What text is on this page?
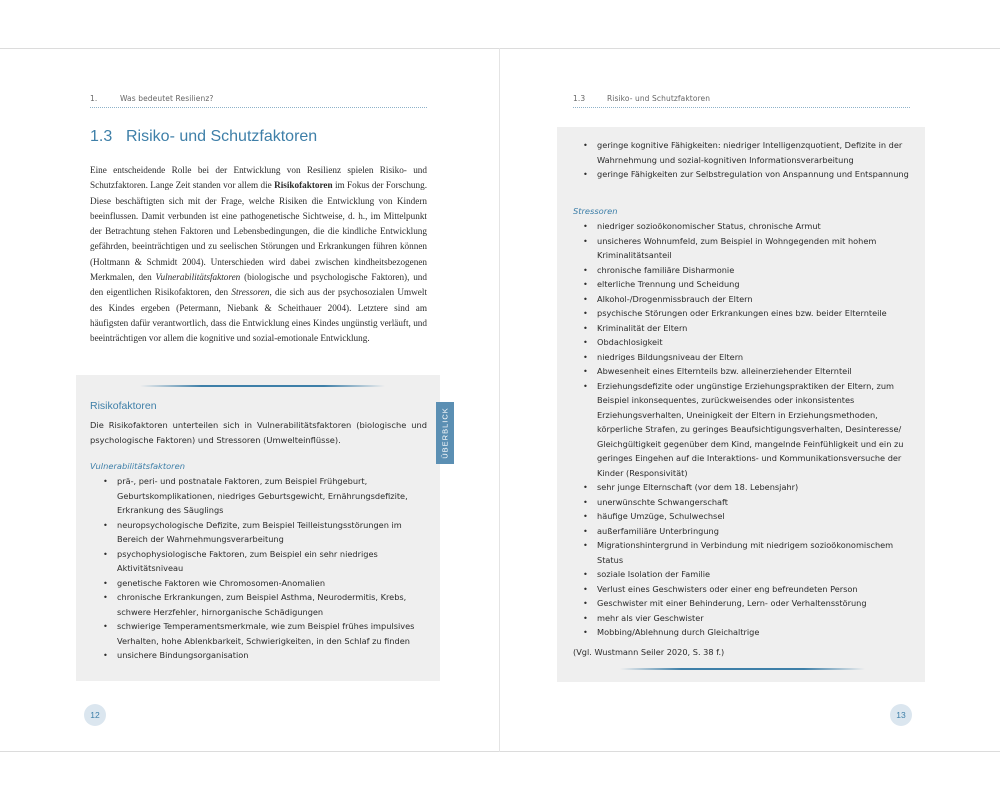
1.	Was bedeutet Resilienz?
1.3 Risiko- und Schutzfaktoren

Eine entscheidende Rolle bei der Entwicklung von Resilienz spielen Risiko- und Schutzfaktoren. Lange Zeit standen vor allem die Risikofaktoren im Fokus der Forschung. Diese beschäftigten sich mit der Frage, welche Risiken die Entwicklung von Kindern beeinflussen. Damit verbunden ist eine pathogenetische Sichtweise, d. h., im Mittelpunkt der Betrachtung stehen Faktoren und Lebensbedingungen, die die kindliche Entwicklung gefährden, beeinträchtigen und zu seelischen Störungen und Erkrankungen führen können (Holtmann & Schmidt 2004). Unterschieden wird dabei zwischen kindheitsbezogenen Merkmalen, den Vulnerabilitätsfaktoren (biologische und psychologische Faktoren), und den eigentlichen Risikofaktoren, den Stressoren, die sich aus der psychosozialen Umwelt des Kindes ergeben (Petermann, Niebank & Scheithauer 2004). Letztere sind am häufigsten dafür verantwortlich, dass die Entwicklung eines Kindes ungünstig verläuft, und beeinträchtigen vor allem die kognitive und sozial-emotionale Entwicklung.

ÜBERBLICK
Risikofaktoren

Die Risikofaktoren unterteilen sich in Vulnerabilitätsfaktoren (biologische und psychologische Faktoren) und Stressoren (Umwelteinflüsse).

Vulnerabilitätsfaktoren
• prä-, peri- und postnatale Faktoren, zum Beispiel Frühgeburt, Geburtskomplikationen, niedriges Geburtsgewicht, Ernährungsdefizite, Erkrankung des Säuglings
• neuropsychologische Defizite, zum Beispiel Teilleistungsstörungen im Bereich der Wahrnehmungsverarbeitung
• psychophysiologische Faktoren, zum Beispiel ein sehr niedriges Aktivitätsniveau
• genetische Faktoren wie Chromosomen-Anomalien
• chronische Erkrankungen, zum Beispiel Asthma, Neurodermitis, Krebs, schwere Herzfehler, hirnorganische Schädigungen
• schwierige Temperamentsmerkmale, wie zum Beispiel frühes impulsives Verhalten, hohe Ablenkbarkeit, Schwierigkeiten, in den Schlaf zu finden
• unsichere Bindungsorganisation
12
1.3	Risiko- und Schutzfaktoren
• geringe kognitive Fähigkeiten: niedriger Intelligenzquotient, Defizite in der Wahrnehmung und sozial-kognitiven Informationsverarbeitung
• geringe Fähigkeiten zur Selbstregulation von Anspannung und Entspannung
Stressoren
• niedriger sozioökonomischer Status, chronische Armut
• unsicheres Wohnumfeld, zum Beispiel in Wohngegenden mit hohem Kriminalitätsanteil
• chronische familiäre Disharmonie
• elterliche Trennung und Scheidung
• Alkohol-/Drogenmissbrauch der Eltern
• psychische Störungen oder Erkrankungen eines bzw. beider Elternteile
• Kriminalität der Eltern
• Obdachlosigkeit
• niedriges Bildungsniveau der Eltern
• Abwesenheit eines Elternteils bzw. alleinerziehender Elternteil
• Erziehungsdefizite oder ungünstige Erziehungspraktiken der Eltern, zum Beispiel inkonsequentes, zurückweisendes oder inkonsistentes Erziehungsverhalten, Uneinigkeit der Eltern in Erziehungsmethoden, körperliche Strafen, zu geringes Beaufsichtigungsverhalten, Desinteresse/ Gleichgültigkeit gegenüber dem Kind, mangelnde Feinfühligkeit und ein zu geringes Eingehen auf die Interaktions- und Kommunikationsversuche der Kinder (Responsivität)
• sehr junge Elternschaft (vor dem 18. Lebensjahr)
• unerwünschte Schwangerschaft
• häufige Umzüge, Schulwechsel
• außerfamiliäre Unterbringung
• Migrationshintergrund in Verbindung mit niedrigem sozioökonomischem Status
• soziale Isolation der Familie
• Verlust eines Geschwisters oder einer eng befreundeten Person
• Geschwister mit einer Behinderung, Lern- oder Verhaltensstörung
• mehr als vier Geschwister
• Mobbing/Ablehnung durch Gleichaltrige
(Vgl. Wustmann Seiler 2020, S. 38 f.)
13
